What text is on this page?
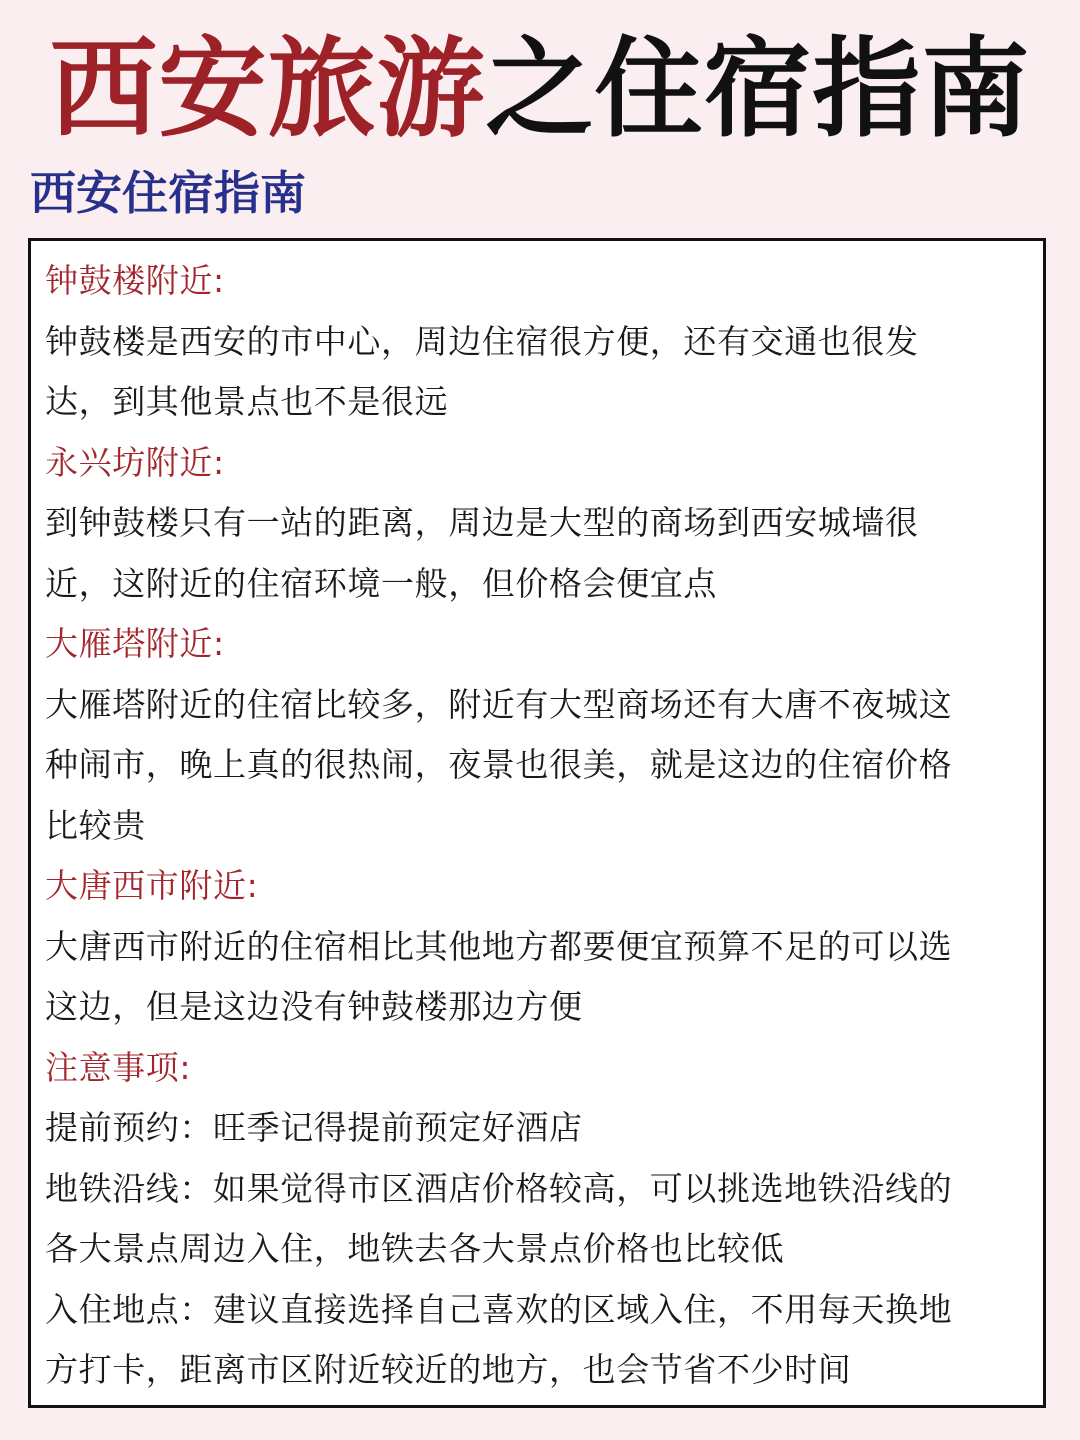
西安旅游之住宿指南
西安住宿指南
钟鼓楼附近:
钟鼓楼是西安的市中心，周边住宿很方便，还有交通也很发
达，到其他景点也不是很远
永兴坊附近:
到钟鼓楼只有一站的距离，周边是大型的商场到西安城墙很
近，这附近的住宿环境一般，但价格会便宜点
大雁塔附近:
大雁塔附近的住宿比较多，附近有大型商场还有大唐不夜城这
种闹市，晚上真的很热闹，夜景也很美，就是这边的住宿价格
比较贵
大唐西市附近:
大唐西市附近的住宿相比其他地方都要便宜预算不足的可以选
这边，但是这边没有钟鼓楼那边方便
注意事项:
提前预约：旺季记得提前预定好酒店
地铁沿线：如果觉得市区酒店价格较高，可以挑选地铁沿线的
各大景点周边入住，地铁去各大景点价格也比较低
入住地点：建议直接选择自己喜欢的区域入住，不用每天换地
方打卡，距离市区附近较近的地方，也会节省不少时间
